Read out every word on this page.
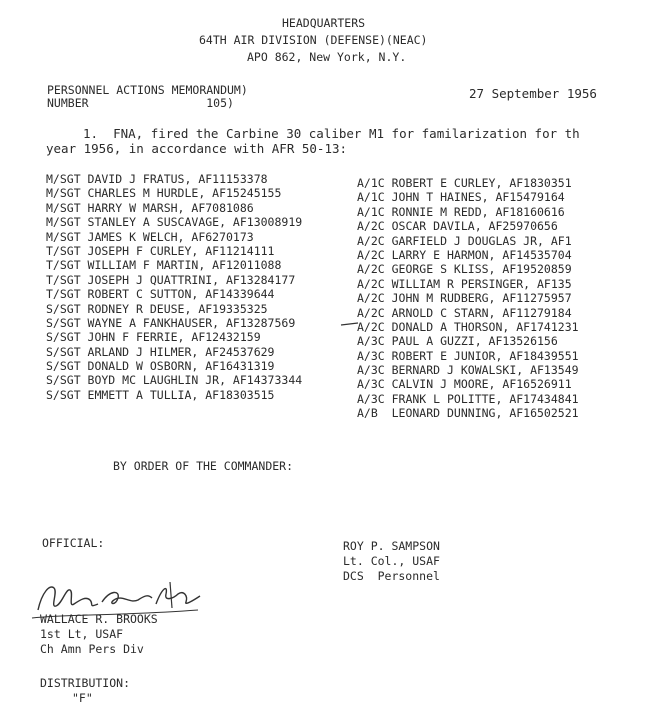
HEADQUARTERS
64TH AIR DIVISION (DEFENSE)(NEAC)
APO 862, New York, N.Y.
PERSONNEL ACTIONS MEMORANDUM)
NUMBER                 105)
27 September 1956
1.  FNA, fired the Carbine 30 caliber M1 for familarization for th
year 1956, in accordance with AFR 50-13:
M/SGT DAVID J FRATUS, AF11153378
M/SGT CHARLES M HURDLE, AF15245155
M/SGT HARRY W MARSH, AF7081086
M/SGT STANLEY A SUSCAVAGE, AF13008919
M/SGT JAMES K WELCH, AF6270173
T/SGT JOSEPH F CURLEY, AF11214111
T/SGT WILLIAM F MARTIN, AF12011088
T/SGT JOSEPH J QUATTRINI, AF13284177
T/SGT ROBERT C SUTTON, AF14339644
S/SGT RODNEY R DEUSE, AF19335325
S/SGT WAYNE A FANKHAUSER, AF13287569
S/SGT JOHN F FERRIE, AF12432159
S/SGT ARLAND J HILMER, AF24537629
S/SGT DONALD W OSBORN, AF16431319
S/SGT BOYD MC LAUGHLIN JR, AF14373344
S/SGT EMMETT A TULLIA, AF18303515
A/1C ROBERT E CURLEY, AF1830351
A/1C JOHN T HAINES, AF15479164
A/1C RONNIE M REDD, AF18160616
A/2C OSCAR DAVILA, AF25970656
A/2C GARFIELD J DOUGLAS JR, AF1
A/2C LARRY E HARMON, AF14535704
A/2C GEORGE S KLISS, AF19520859
A/2C WILLIAM R PERSINGER, AF135
A/2C JOHN M RUDBERG, AF11275957
A/2C ARNOLD C STARN, AF11279184
A/2C DONALD A THORSON, AF1741231
A/3C PAUL A GUZZI, AF13526156
A/3C ROBERT E JUNIOR, AF18439551
A/3C BERNARD J KOWALSKI, AF13549
A/3C CALVIN J MOORE, AF16526911
A/3C FRANK L POLITTE, AF17434841
A/B  LEONARD DUNNING, AF16502521
BY ORDER OF THE COMMANDER:
OFFICIAL:	ROY P. SAMPSON
Lt. Col., USAF
DCS  Personnel
WALLACE R. BROOKS
1st Lt, USAF
Ch Amn Pers Div
DISTRIBUTION:
"F"
